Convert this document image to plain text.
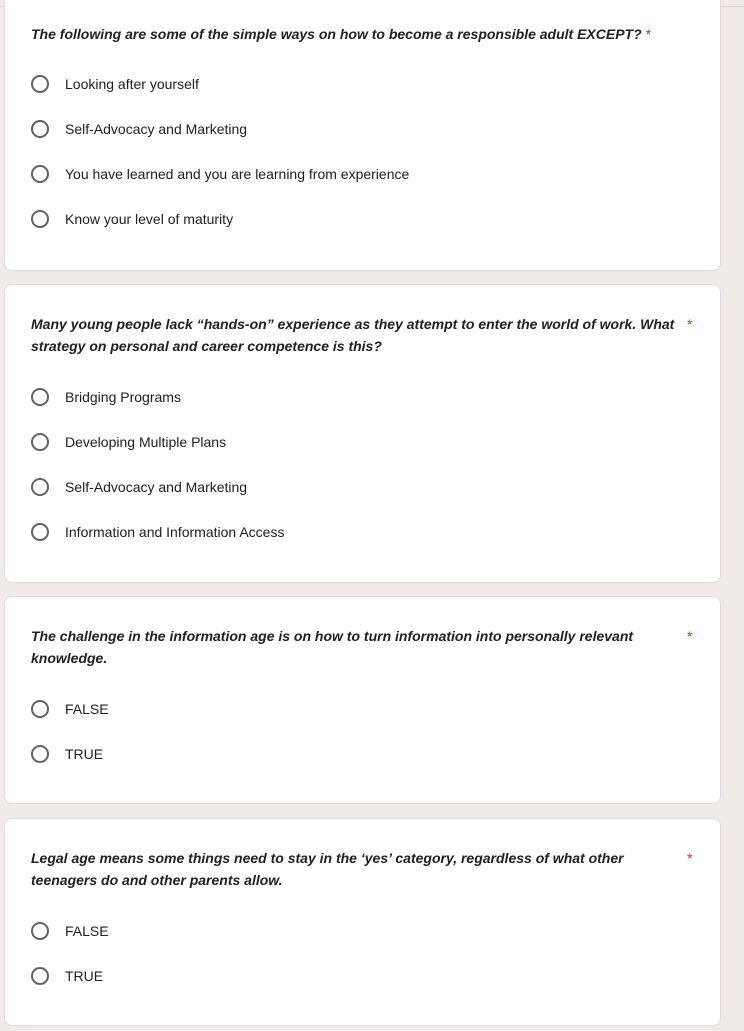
The following are some of the simple ways on how to become a responsible adult EXCEPT? *
Looking after yourself
Self-Advocacy and Marketing
You have learned and you are learning from experience
Know your level of maturity
Many young people lack “hands-on” experience as they attempt to enter the world of work. What strategy on personal and career competence is this?
*
Bridging Programs
Developing Multiple Plans
Self-Advocacy and Marketing
Information and Information Access
The challenge in the information age is on how to turn information into personally relevant knowledge.
*
FALSE
TRUE
Legal age means some things need to stay in the ‘yes’ category, regardless of what other teenagers do and other parents allow.
*
FALSE
TRUE
